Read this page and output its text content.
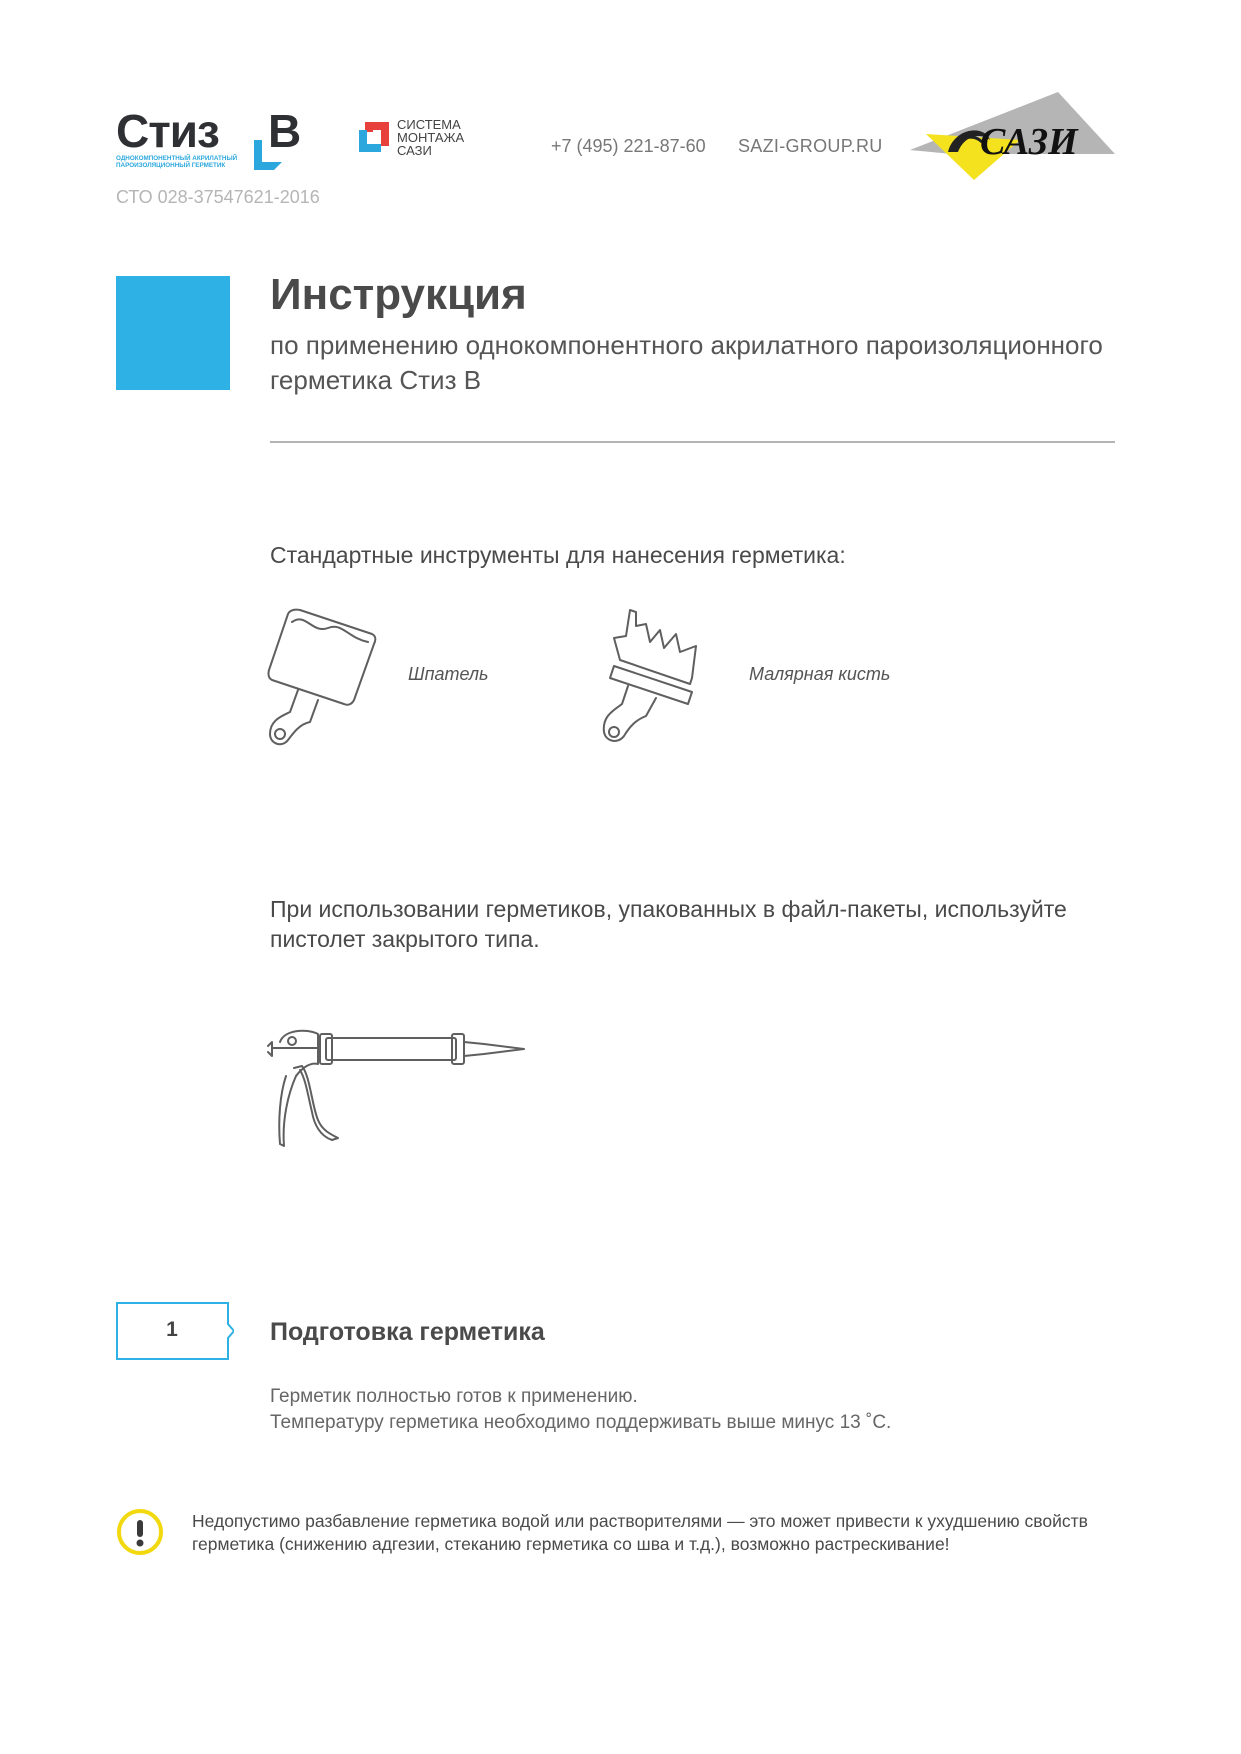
Стиз В
ОДНОКОМПОНЕНТНЫЙ АКРИЛАТНЫЙ ПАРОИЗОЛЯЦИОННЫЙ ГЕРМЕТИК
СТО 028-37547621-2016
СИСТЕМА
МОНТАЖА
САЗИ	+7 (495) 221-87-60 SAZI-GROUP.RU	САЗИ
Инструкция
по применению однокомпонентного акрилатного пароизоляционного герметика Стиз В
Стандартные инструменты для нанесения герметика:
Шпатель	Малярная кисть
При использовании герметиков, упакованных в файл-пакеты, используйте пистолет закрытого типа.
1	Подготовка герметика
Герметик полностью готов к применению.
Температуру герметика необходимо поддерживать выше минус 13 ˚С.
Недопустимо разбавление герметика водой или растворителями — это может привести к ухудшению свойств герметика (снижению адгезии, стеканию герметика со шва и т.д.), возможно растрескивание!
